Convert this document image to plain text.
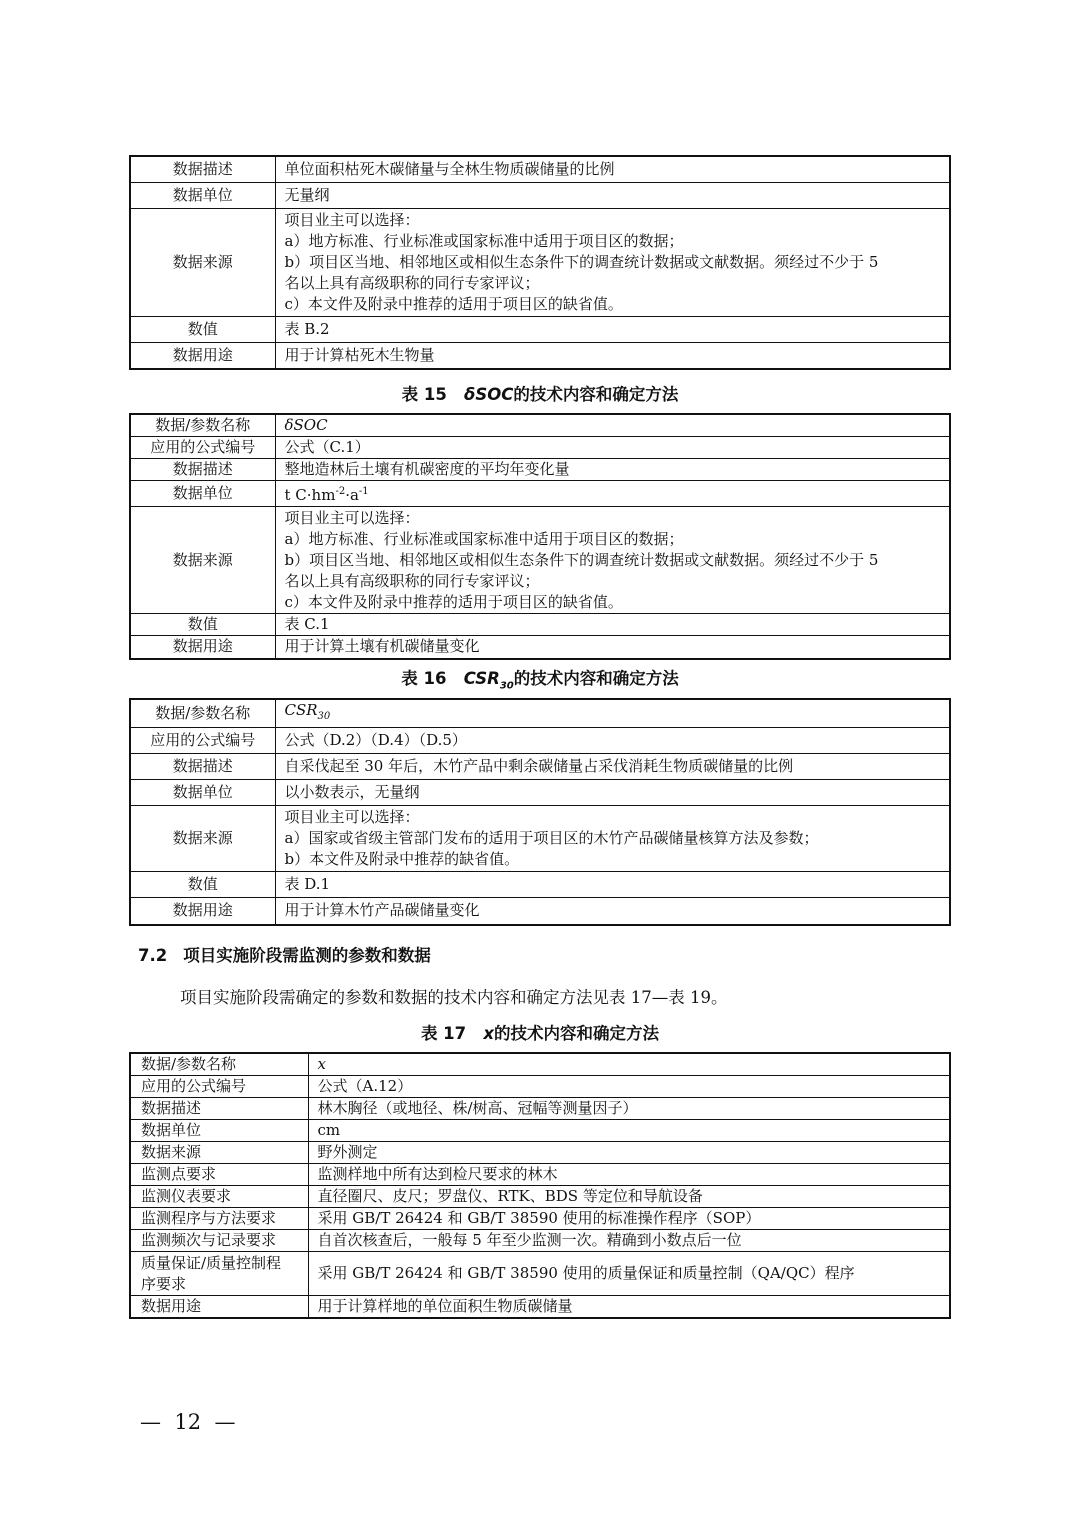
数据描述	单位面积枯死木碳储量与全林生物质碳储量的比例
数据单位	无量纲
数据来源	项目业主可以选择：
a）地方标准、行业标准或国家标准中适用于项目区的数据；
b）项目区当地、相邻地区或相似生态条件下的调查统计数据或文献数据。须经过不少于 5
名以上具有高级职称的同行专家评议；
c）本文件及附录中推荐的适用于项目区的缺省值。

数值	表 B.2
数据用途	用于计算枯死木生物量
表 15 δSOC的技术内容和确定方法
数据/参数名称	δSOC
应用的公式编号	公式（C.1）
数据描述	整地造林后土壤有机碳密度的平均年变化量
数据单位	t $C\cdot hm^{-2}\cdot a^{-1}$
数据来源	项目业主可以选择：
a）地方标准、行业标准或国家标准中适用于项目区的数据；
b）项目区当地、相邻地区或相似生态条件下的调查统计数据或文献数据。须经过不少于 5
名以上具有高级职称的同行专家评议；
c）本文件及附录中推荐的适用于项目区的缺省值。

数值	表 C.1
数据用途	用于计算土壤有机碳储量变化
表 16 $CSR_{30}$的技术内容和确定方法
数据/参数名称	$CSR_{30}$
应用的公式编号	公式（D.2）（D.4）（D.5）
数据描述	自采伐起至 30 年后，木竹产品中剩余碳储量占采伐消耗生物质碳储量的比例
数据单位	以小数表示，无量纲
数据来源	项目业主可以选择：
a）国家或省级主管部门发布的适用于项目区的木竹产品碳储量核算方法及参数；
b）本文件及附录中推荐的缺省值。

数值	表 D.1
数据用途	用于计算木竹产品碳储量变化
7.2 项目实施阶段需监测的参数和数据
项目实施阶段需确定的参数和数据的技术内容和确定方法见表 17—表 19。
表 17 x的技术内容和确定方法
数据/参数名称	x
应用的公式编号	公式（A.12）
数据描述	林木胸径（或地径、株/树高、冠幅等测量因子）
数据单位	cm
数据来源	野外测定
监测点要求	监测样地中所有达到检尺要求的林木
监测仪表要求	直径圈尺、皮尺；罗盘仪、RTK、BDS 等定位和导航设备
监测程序与方法要求	采用 GB/T 26424 和 GB/T 38590 使用的标准操作程序（SOP）
监测频次与记录要求	自首次核查后，一般每 5 年至少监测一次。精确到小数点后一位

质量保证/质量控制程
序要求	采用 GB/T 26424 和 GB/T 38590 使用的质量保证和质量控制（QA/QC）程序
数据用途	用于计算样地的单位面积生物质碳储量
— 12 —
